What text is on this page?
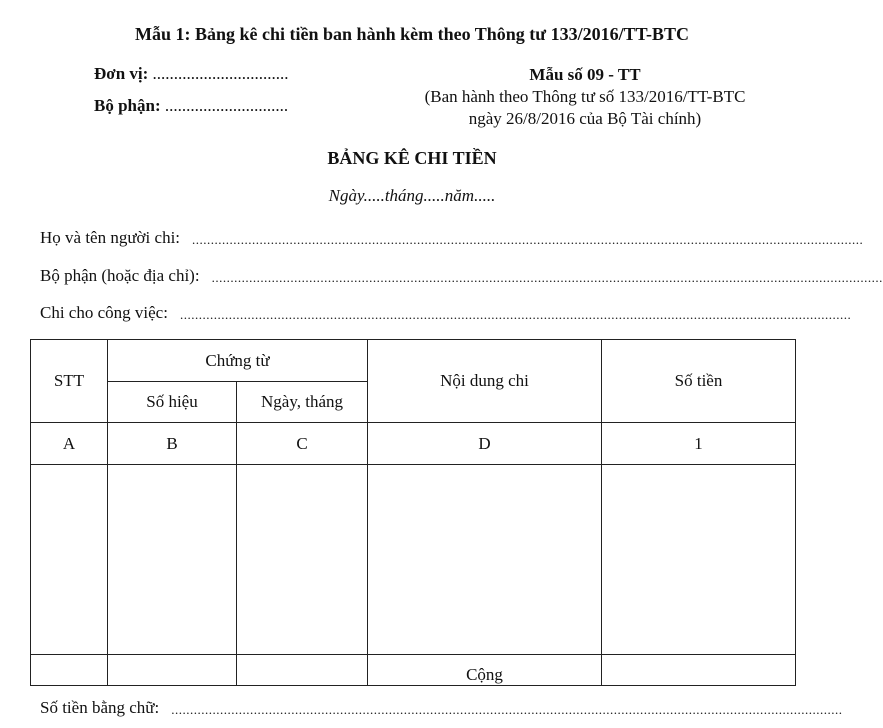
Mẫu 1: Bảng kê chi tiền ban hành kèm theo Thông tư 133/2016/TT-BTC
Đơn vị: ................................
Bộ phận: .............................
Mẫu số 09 - TT
(Ban hành theo Thông tư số 133/2016/TT-BTC
ngày 26/8/2016 của Bộ Tài chính)
BẢNG KÊ CHI TIỀN
Ngày.....tháng.....năm.....
Họ và tên người chi: ...................................................................................................................................................................................
Bộ phận (hoặc địa chỉ): ...................................................................................................................................................................................
Chi cho công việc: ...................................................................................................................................................................................
STT	Chứng từ		Nội dung chi	Số tiền
	Số hiệu	Ngày, tháng		
A	B	C	D	1

			Cộng	
Số tiền bằng chữ: ...................................................................................................................................................................................
